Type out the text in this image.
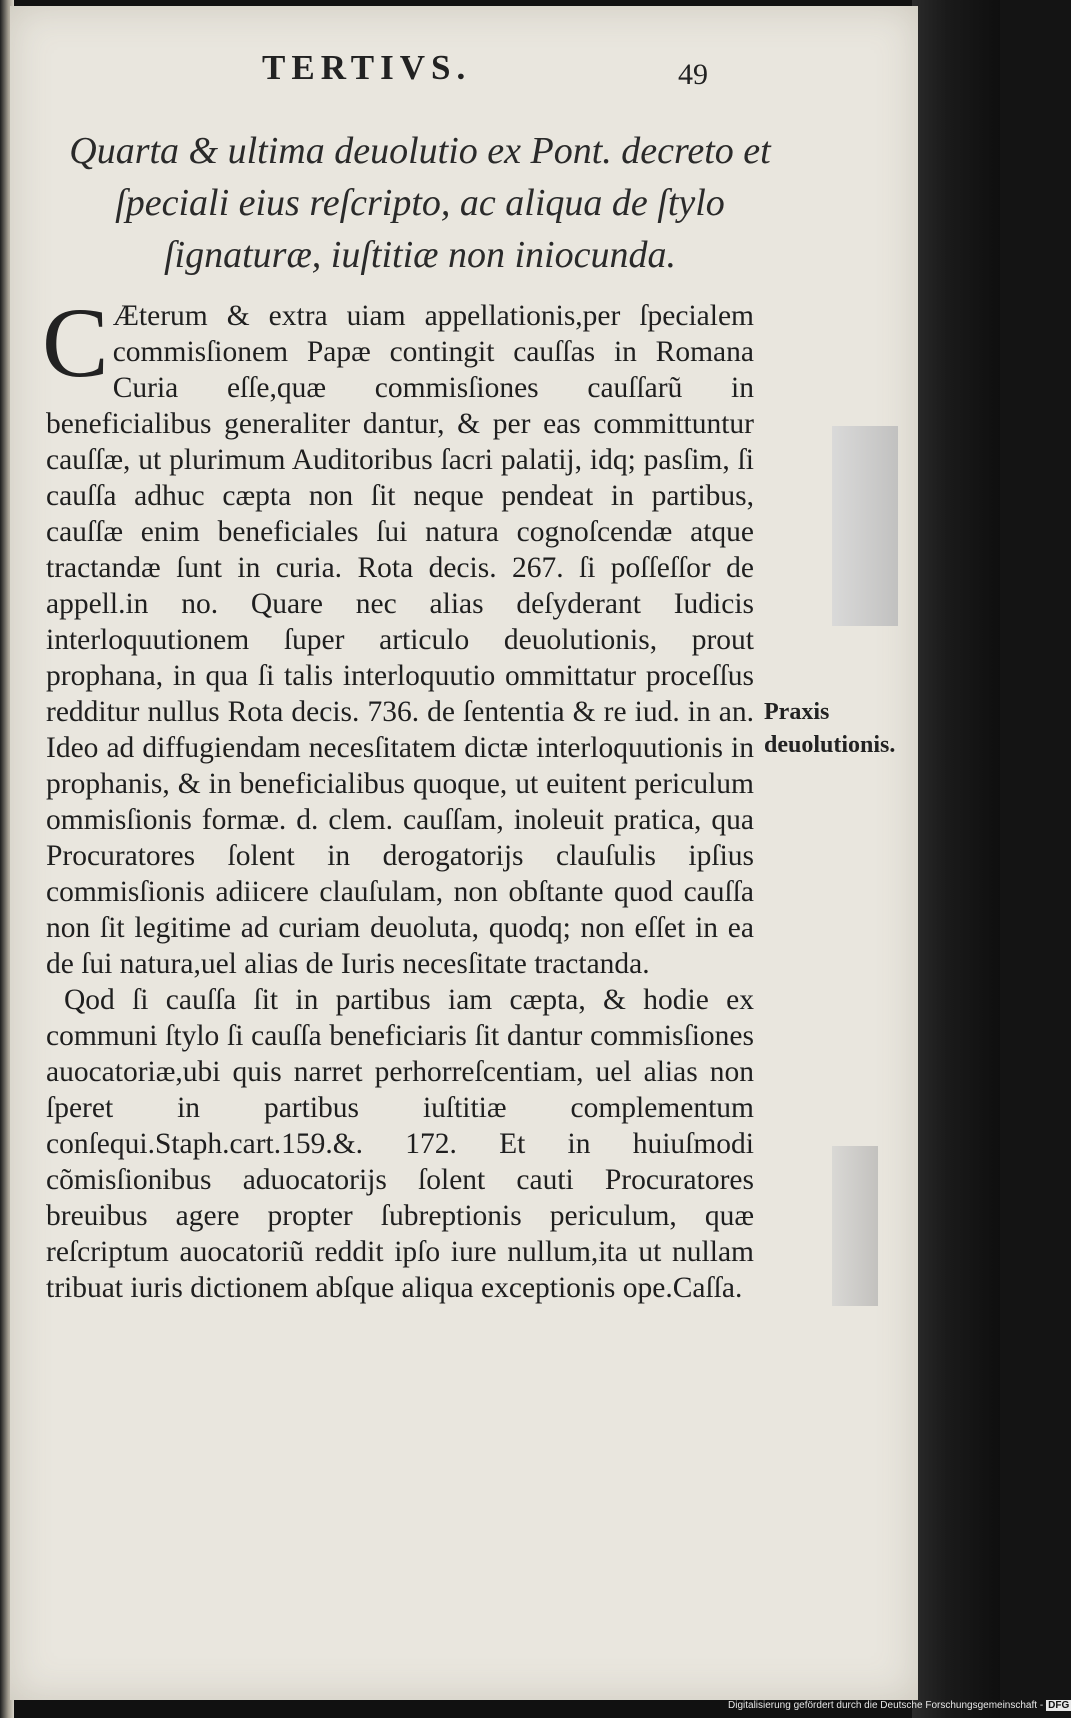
TERTIVS.	49
Quarta & ultima deuolutio ex Pont. decreto et ſpeciali eius reſcripto, ac aliqua de ſtylo ſignaturæ, iuſtitiæ non iniocunda.

C Æterum & extra uiam appellationis,per ſpecialem commisſionem Papæ contingit cauſſas in Romana Curia eſſe,quæ commisſiones cauſſarũ in beneficialibus generaliter dantur, & per eas committuntur cauſſæ, ut plurimum Auditoribus ſacri palatij, idq; pasſim, ſi cauſſa adhuc cæpta non ſit neque pendeat in partibus, cauſſæ enim beneficiales ſui natura cognoſcendæ atque tractandæ ſunt in curia. Rota decis. 267. ſi poſſeſſor de appell.in no. Quare nec alias deſyderant Iudicis interloquutionem ſuper articulo deuolutionis, prout prophana, in qua ſi talis interloquutio ommittatur proceſſus redditur nullus Rota decis. 736. de ſententia & re iud. in an. Ideo ad diffugiendam necesſitatem dictæ interloquutionis in prophanis, & in beneficialibus quoque, ut euitent periculum ommisſionis formæ. d. clem. cauſſam, inoleuit pratica, qua Procuratores ſolent in derogatorijs clauſulis ipſius commisſionis adiicere clauſulam, non obſtante quod cauſſa non ſit legitime ad curiam deuoluta, quodq; non eſſet in ea de ſui natura,uel alias de Iuris necesſitate tractanda.

Qod ſi cauſſa ſit in partibus iam cæpta, & hodie ex communi ſtylo ſi cauſſa beneficiaris ſit dantur commisſiones auocatoriæ,ubi quis narret perhorreſcentiam, uel alias non ſperet in partibus iuſtitiæ complementum conſequi.Staph.cart.159.&. 172. Et in huiuſmodi cõmisſionibus aduocatorijs ſolent cauti Procuratores breuibus agere propter ſubreptionis periculum, quæ reſcriptum auocatoriũ reddit ipſo iure nullum,ita ut nullam tribuat iuris dictionem abſque aliqua exceptionis ope.Caſſa.

Praxis deuolutionis.
Digitalisierung gefördert durch die Deutsche Forschungsgemeinschaft - DFG
